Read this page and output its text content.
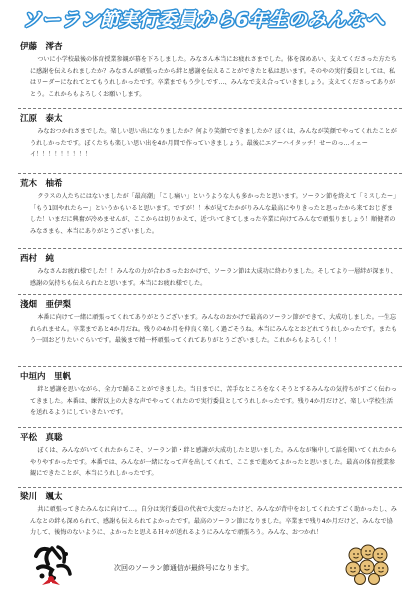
ソーラン節実行委員から6年生のみんなへ
伊藤　澪杏
ついに小学校最後の体育授業参観が幕を下ろしました。みなさん本当にお疲れさまでした。体を深めあい、支えてくださった方たちに感謝を伝えられましたか？みなさんが頑張ったから絆と感謝を伝えることができたと私は思います。そのやの実行委員としては、私はリーダーになれてとてもうれしかったです。卒業までもう少しです…、みんなで支え合っていきましょう。支えてくださってありがとう。これからもよろしくお願いします。
江原　泰太
みなおつかれさまでした。楽しい思い出になりましたか？何より笑顔でできましたか？ぼくは、みんなが笑顔でやってくれたことがうれしかったです。ぼくたちも楽しい思い出を4か月間で作っていきましょう。最後にエアーハイタッチ！せーのっ…イェーイ！！！！！！！！！
荒木　柚希
クラスの人たちにはないましたが「最高潮」「こし痛い」というような人も多かったと思います。ソーラン節を終えて「ミスしたー」「もう1回やれたらー」というかもいると思います。ですが！！本が見てたかがりみんな最高にやりきったと思ったから来ておじぎました！いまだに興奮が冷めませんが、ここからは切りかえて、近づいてきてしまった卒業に向けてみんなで頑張りましょう！順健者のみなさまも、本当にありがとうございました。
西村　純
みなさんお疲れ様でした！！みんなの力が合わさったおかげで、ソーラン節は大成功に終わりました。そしてより一層絆が深まり、感謝の気持ちも伝えられたと思います。本当にお疲れ様でした。
淺畑　亜伊梨
本番に向けて一緒に頑張ってくれてありがとうございます。みんなのおかげで最高のソーラン節ができて、大成功しました。一生忘れられません。卒業まであと4か月だね。残りの4か月を仲良く楽しく過ごそうね。本当にみんなとおどれてうれしかったです。またもう一回おどりたいぐらいです。最後まで精一杯頑張ってくれてありがとうございました。これからもよろしく！！
中垣内　里帆
絆と感謝を思いながら、全力で踊ることができました。当日までに、苦手なところをなくそうとするみんなの気持ちがすごく伝わってきました。本番は、練習以上の大きな声でやってくれたので実行委員としてうれしかったです。残り4か月だけど、楽しい学校生活を送れるようにしていきたいです。
平松　真聡
ぼくは、みんながいてくれたからこそ、ソーラン節・絆と感謝が大成功したと思いました。みんなが集中して話を聞いてくれたからやりやすかったです。本番では、みんなが一緒になって声を出してくれて、ここまで進めてよかったと思いました。最高の体育授業参観にできたことが、本当にうれしかったです。
梁川　颯太
共に頑張ってきたみんなに向けて…。自分は実行委員の代表で大変だったけど、みんなが背中をおしてくれたすごく助かったし、みんなとの絆も深められて、感謝も伝えられてよかったです。最高のソーラン節になりました。卒業まで残り4か月だけど、みんなで協力して、後悔のないように、よかったと思えるＨ々が送れるようにみんなで頑張ろう。みんな、おつかれ！
次回のソーラン節通信が最終号になります。
